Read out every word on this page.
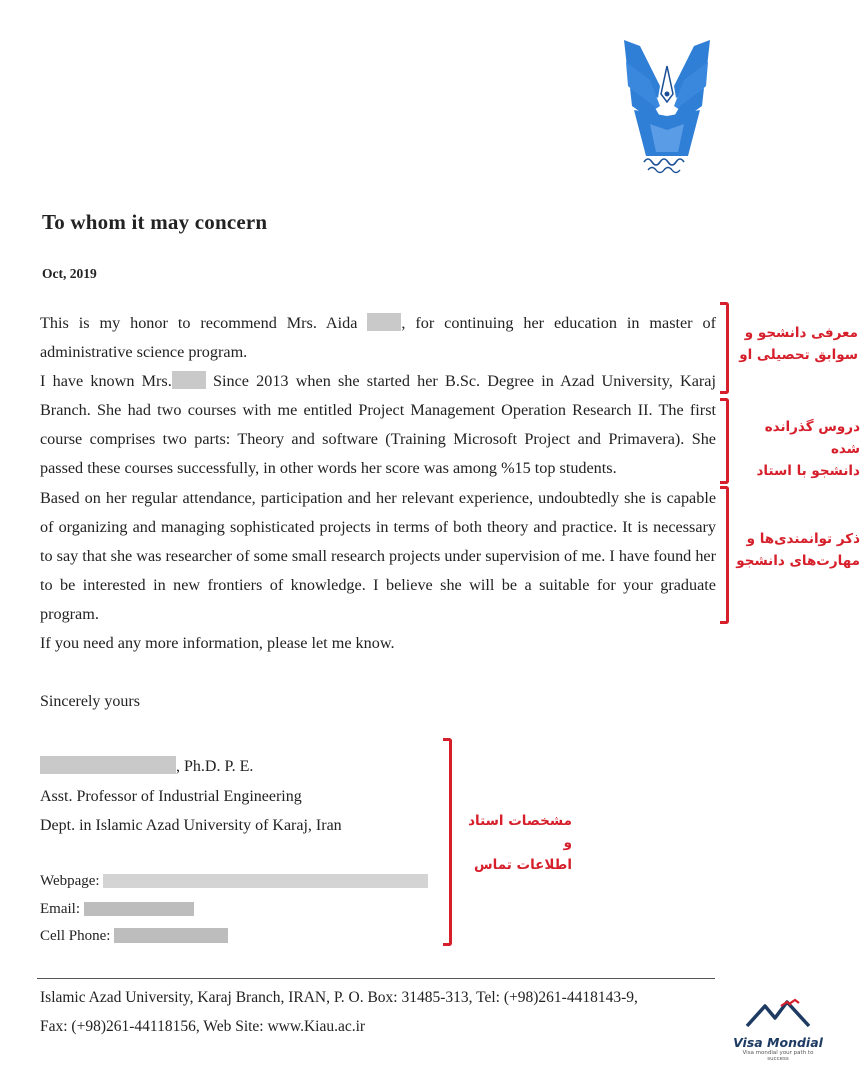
To whom it may concern
Oct, 2019

This is my honor to recommend Mrs. Aida	, for continuing her education in master of administrative science program.

I have known Mrs.	Since 2013 when she started her B.Sc. Degree in Azad University, Karaj Branch. She had two courses with me entitled Project Management Operation Research II. The first course comprises two parts: Theory and software (Training Microsoft Project and Primavera). She passed these courses successfully, in other words her score was among %15 top students.

Based on her regular attendance, participation and her relevant experience, undoubtedly she is capable of organizing and managing sophisticated projects in terms of both theory and practice. It is necessary to say that she was researcher of some small research projects under supervision of me. I have found her to be interested in new frontiers of knowledge. I believe she will be a suitable for your graduate program.

If you need any more information, please let me know.

Sincerely yours
, Ph.D. P. E.
Asst. Professor of Industrial Engineering
Dept. in Islamic Azad University of Karaj, Iran
Webpage:
Email:
Cell Phone:
Islamic Azad University, Karaj Branch, IRAN, P. O. Box: 31485-313, Tel: (+98)261-4418143-9,
Fax: (+98)261-44118156, Web Site: www.Kiau.ac.ir
معرفی دانشجو و
سوابق تحصیلی او
دروس گذرانده شده
دانشجو با استاد
ذکر توانمندی‌ها و
مهارت‌های دانشجو
مشخصات استاد و
اطلاعات تماس
Visa Mondial
Visa mondial your path to success
